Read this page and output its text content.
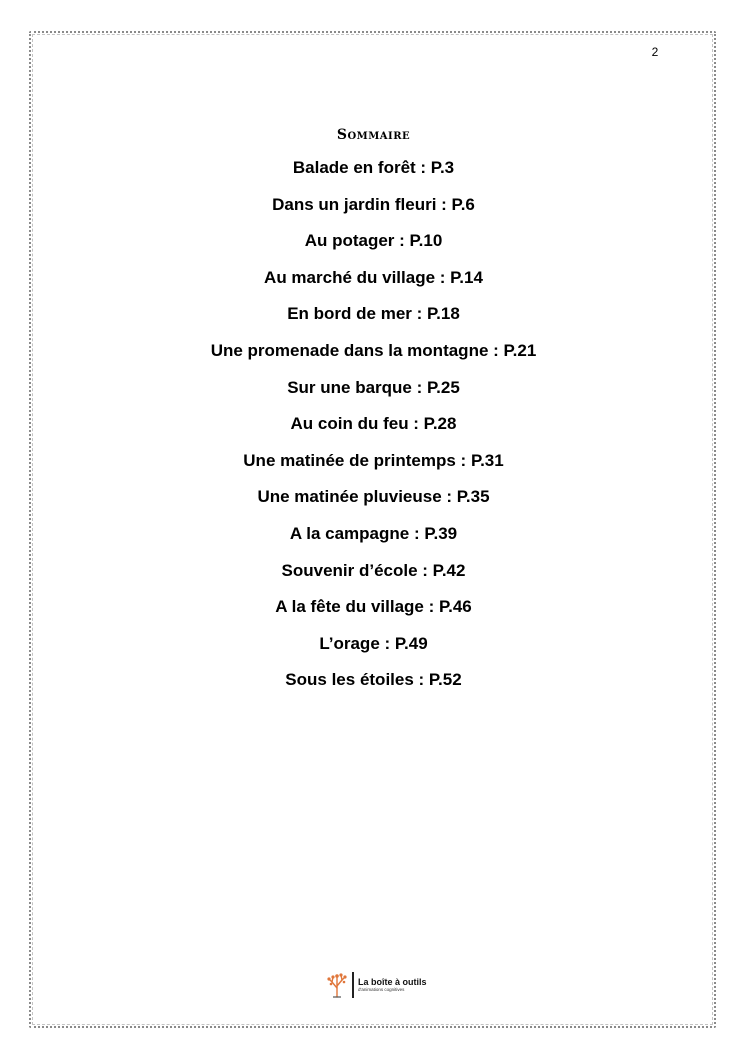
2
Sommaire
Balade en forêt : P.3
Dans un jardin fleuri : P.6
Au potager : P.10
Au marché du village : P.14
En bord de mer : P.18
Une promenade dans la montagne : P.21
Sur une barque : P.25
Au coin du feu : P.28
Une matinée de printemps : P.31
Une matinée pluvieuse : P.35
A la campagne : P.39
Souvenir d’école : P.42
A la fête du village : P.46
L’orage : P.49
Sous les étoiles : P.52
La boîte à outils
d'animations cognitives
